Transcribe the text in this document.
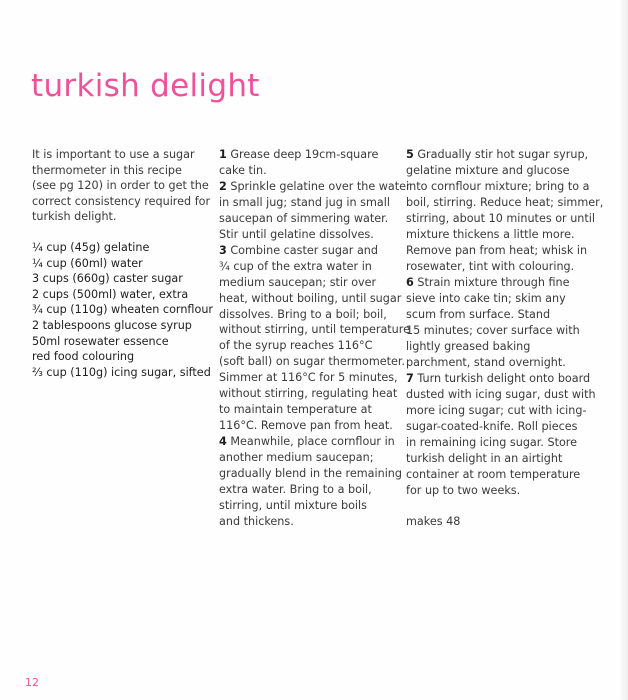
turkish delight
It is important to use a sugar
thermometer in this recipe
(see pg 120) in order to get the
correct consistency required for
turkish delight.
¼ cup (45g) gelatine
¼ cup (60ml) water
3 cups (660g) caster sugar
2 cups (500ml) water, extra
¾ cup (110g) wheaten cornflour
2 tablespoons glucose syrup
50ml rosewater essence
red food colouring
⅔ cup (110g) icing sugar, sifted
1 Grease deep 19cm-square
cake tin.
2 Sprinkle gelatine over the water
in small jug; stand jug in small
saucepan of simmering water.
Stir until gelatine dissolves.
3 Combine caster sugar and
¾ cup of the extra water in
medium saucepan; stir over
heat, without boiling, until sugar
dissolves. Bring to a boil; boil,
without stirring, until temperature
of the syrup reaches 116°C
(soft ball) on sugar thermometer.
Simmer at 116°C for 5 minutes,
without stirring, regulating heat
to maintain temperature at
116°C. Remove pan from heat.
4 Meanwhile, place cornflour in
another medium saucepan;
gradually blend in the remaining
extra water. Bring to a boil,
stirring, until mixture boils
and thickens.
5 Gradually stir hot sugar syrup,
gelatine mixture and glucose
into cornflour mixture; bring to a
boil, stirring. Reduce heat; simmer,
stirring, about 10 minutes or until
mixture thickens a little more.
Remove pan from heat; whisk in
rosewater, tint with colouring.
6 Strain mixture through fine
sieve into cake tin; skim any
scum from surface. Stand
15 minutes; cover surface with
lightly greased baking
parchment, stand overnight.
7 Turn turkish delight onto board
dusted with icing sugar, dust with
more icing sugar; cut with icing-
sugar-coated-knife. Roll pieces
in remaining icing sugar. Store
turkish delight in an airtight
container at room temperature
for up to two weeks.
makes 48
12
